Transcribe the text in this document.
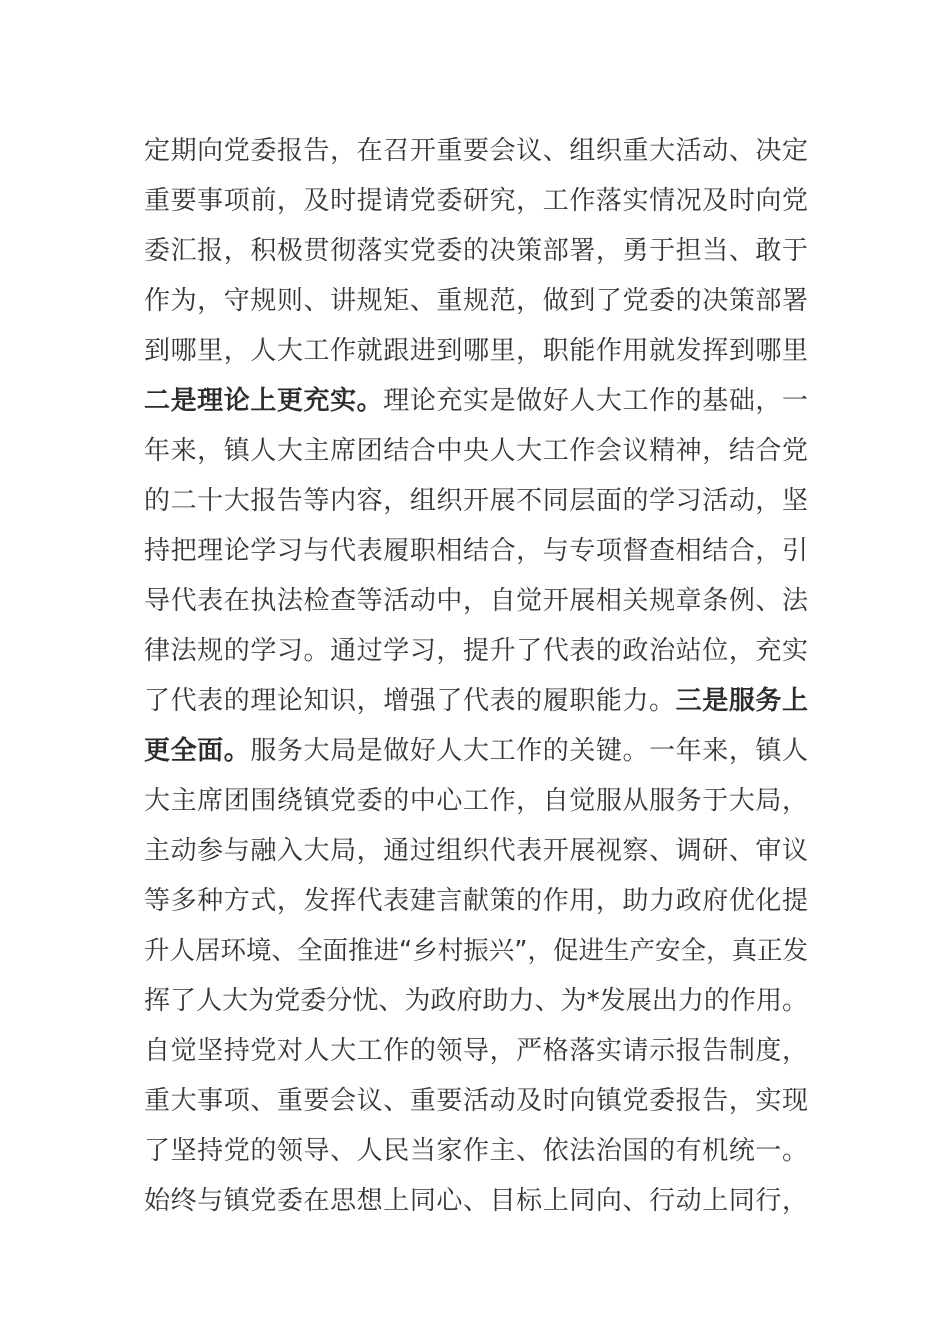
定期向党委报告，在召开重要会议、组织重大活动、决定
重要事项前，及时提请党委研究，工作落实情况及时向党
委汇报，积极贯彻落实党委的决策部署，勇于担当、敢于
作为，守规则、讲规矩、重规范，做到了党委的决策部署
到哪里，人大工作就跟进到哪里，职能作用就发挥到哪里
二是理论上更充实。理论充实是做好人大工作的基础，一
年来，镇人大主席团结合中央人大工作会议精神，结合党
的二十大报告等内容，组织开展不同层面的学习活动，坚
持把理论学习与代表履职相结合，与专项督查相结合，引
导代表在执法检查等活动中，自觉开展相关规章条例、法
律法规的学习。通过学习，提升了代表的政治站位，充实
了代表的理论知识，增强了代表的履职能力。三是服务上
更全面。服务大局是做好人大工作的关键。一年来，镇人
大主席团围绕镇党委的中心工作，自觉服从服务于大局，
主动参与融入大局，通过组织代表开展视察、调研、审议
等多种方式，发挥代表建言献策的作用，助力政府优化提
升人居环境、全面推进“乡村振兴”，促进生产安全，真正发
挥了人大为党委分忧、为政府助力、为*发展出力的作用。
自觉坚持党对人大工作的领导，严格落实请示报告制度，
重大事项、重要会议、重要活动及时向镇党委报告，实现
了坚持党的领导、人民当家作主、依法治国的有机统一。
始终与镇党委在思想上同心、目标上同向、行动上同行，
